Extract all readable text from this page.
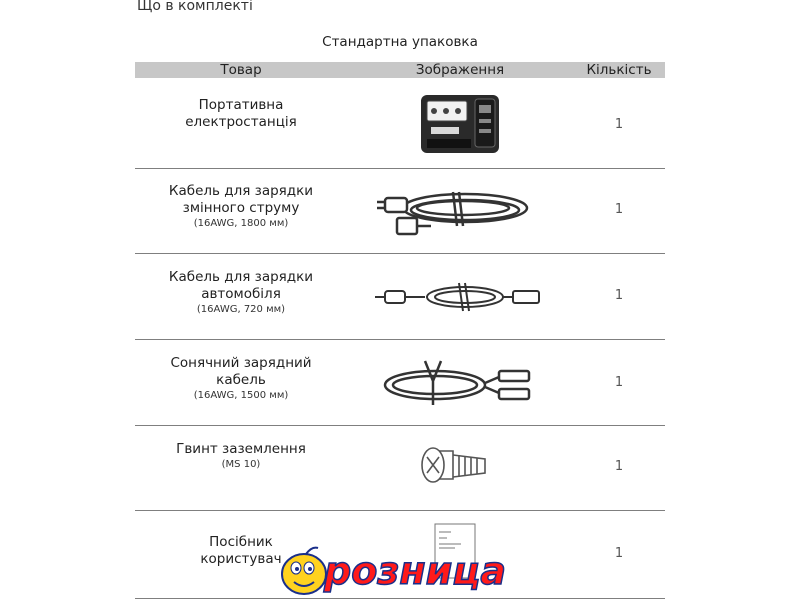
Що в комплекті
Стандартна упаковка
Товар	Зображення	Кількість
Портативна
електростанція	1
Кабель для зарядки
змінного струму
(16AWG, 1800 мм)
1
Кабель для зарядки
автомобіля
(16AWG, 720 мм)
1
Сонячний зарядний
кабель
(16AWG, 1500 мм)
1
Гвинт заземлення
(MS 10)	1
Посібник
користувач	1
розница
